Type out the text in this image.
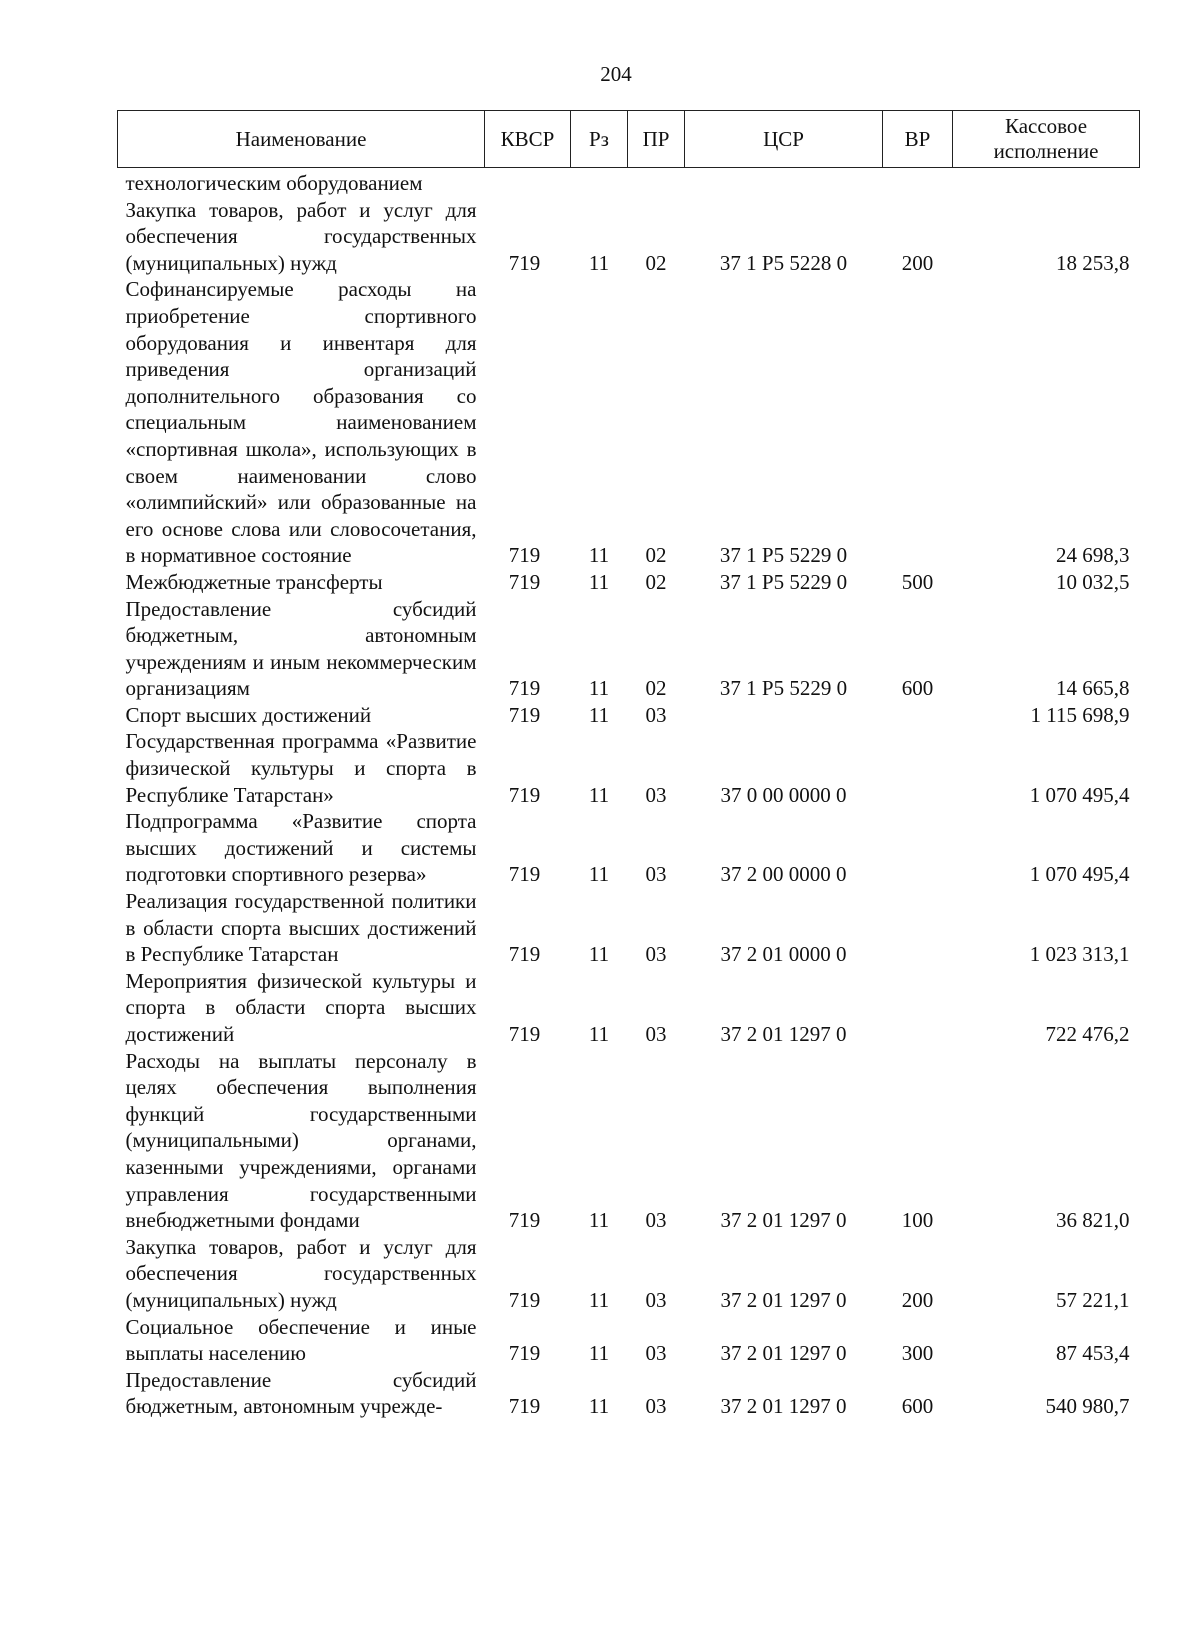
204
Наименование	КВСР	Рз	ПР	ЦСР	ВР	Кассовое исполнение
технологическим оборудованием						
Закупка товаров, работ и услуг для обеспечения государственных (муниципальных) нужд	719	11	02	37 1 P5 5228 0	200	18 253,8
Софинансируемые расходы на приобретение спортивного оборудования и инвентаря для приведения организаций дополнительного образования со специальным наименованием «спортивная школа», использующих в своем наименовании слово «олимпийский» или образованные на его основе слова или словосочетания, в нормативное состояние	719	11	02	37 1 P5 5229 0		24 698,3
Межбюджетные трансферты	719	11	02	37 1 P5 5229 0	500	10 032,5
Предоставление субсидий бюджетным, автономным учреждениям и иным некоммерческим организациям	719	11	02	37 1 P5 5229 0	600	14 665,8
Спорт высших достижений	719	11	03			1 115 698,9
Государственная программа «Развитие физической культуры и спорта в Республике Татарстан»	719	11	03	37 0 00 0000 0		1 070 495,4
Подпрограмма «Развитие спорта высших достижений и системы подготовки спортивного резерва»	719	11	03	37 2 00 0000 0		1 070 495,4
Реализация государственной политики в области спорта высших достижений в Республике Татарстан	719	11	03	37 2 01 0000 0		1 023 313,1
Мероприятия физической культуры и спорта в области спорта высших достижений	719	11	03	37 2 01 1297 0		722 476,2
Расходы на выплаты персоналу в целях обеспечения выполнения функций государственными (муниципальными) органами, казенными учреждениями, органами управления государственными внебюджетными фондами	719	11	03	37 2 01 1297 0	100	36 821,0
Закупка товаров, работ и услуг для обеспечения государственных (муниципальных) нужд	719	11	03	37 2 01 1297 0	200	57 221,1
Социальное обеспечение и иные выплаты населению	719	11	03	37 2 01 1297 0	300	87 453,4
Предоставление субсидий бюджетным, автономным учрежде-	719	11	03	37 2 01 1297 0	600	540 980,7
